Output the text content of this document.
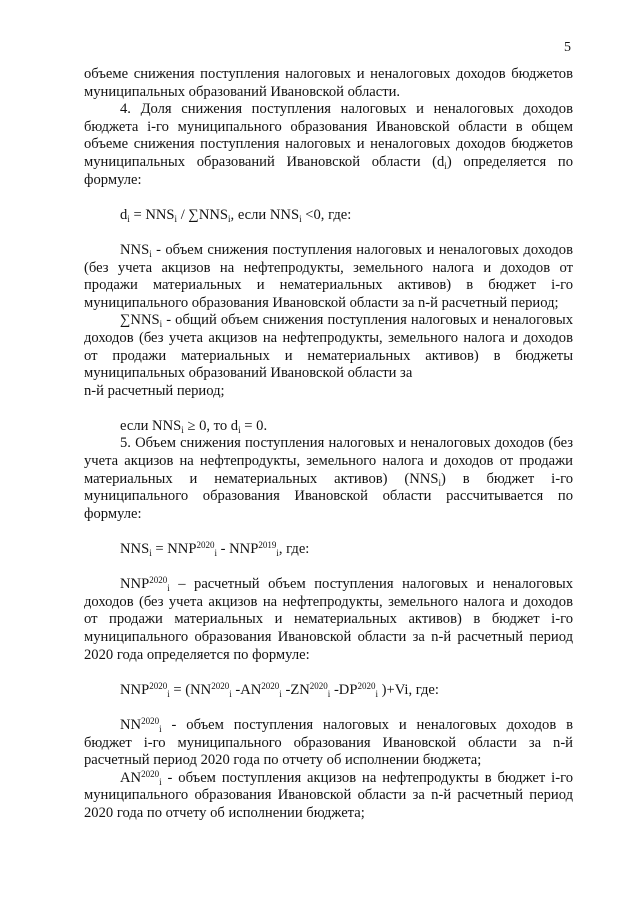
5

объеме снижения поступления налоговых и неналоговых доходов бюджетов муниципальных образований Ивановской области.

4. Доля снижения поступления налоговых и неналоговых доходов бюджета i-го муниципального образования Ивановской области в общем объеме снижения поступления налоговых и неналоговых доходов бюджетов муниципальных образований Ивановской области $(d_i)$ определяется по формуле:

$d_i = NNS_i / \sum NNS_i$, если $NNS_i <0$, где:

$NNS_i$ - объем снижения поступления налоговых и неналоговых доходов (без учета акцизов на нефтепродукты, земельного налога и доходов от продажи материальных и нематериальных активов) в бюджет i-го муниципального образования Ивановской области за n-й расчетный период;

$\sum NNS_i$ - общий объем снижения поступления налоговых и неналоговых доходов (без учета акцизов на нефтепродукты, земельного налога и доходов от продажи материальных и нематериальных активов) в бюджеты муниципальных образований Ивановской области за

n-й расчетный период;

если $NNS_i \ge 0$, то $d_i = 0$.

5. Объем снижения поступления налоговых и неналоговых доходов (без учета акцизов на нефтепродукты, земельного налога и доходов от продажи материальных и нематериальных активов) $(NNS_i)$ в бюджет i-го муниципального образования Ивановской области рассчитывается по формуле:

$NNS_i = NNP^{2020}_i - NNP^{2019}_i$, где:

$NNP^{2020}_i$ – расчетный объем поступления налоговых и неналоговых доходов (без учета акцизов на нефтепродукты, земельного налога и доходов от продажи материальных и нематериальных активов) в бюджет i-го муниципального образования Ивановской области за n-й расчетный период 2020 года определяется по формуле:

$NNP^{2020}_i = (NN^{2020}_i$ $-AN^{2020}_i$ $-ZN^{2020}_i$ $-DP^{2020}_i$ )+Vi, где:

$NN^{2020}_i$ - объем поступления налоговых и неналоговых доходов в бюджет i-го муниципального образования Ивановской области за n-й расчетный период 2020 года по отчету об исполнении бюджета;

$AN^{2020}_i$ - объем поступления акцизов на нефтепродукты в бюджет i-го муниципального образования Ивановской области за n-й расчетный период 2020 года по отчету об исполнении бюджета;
